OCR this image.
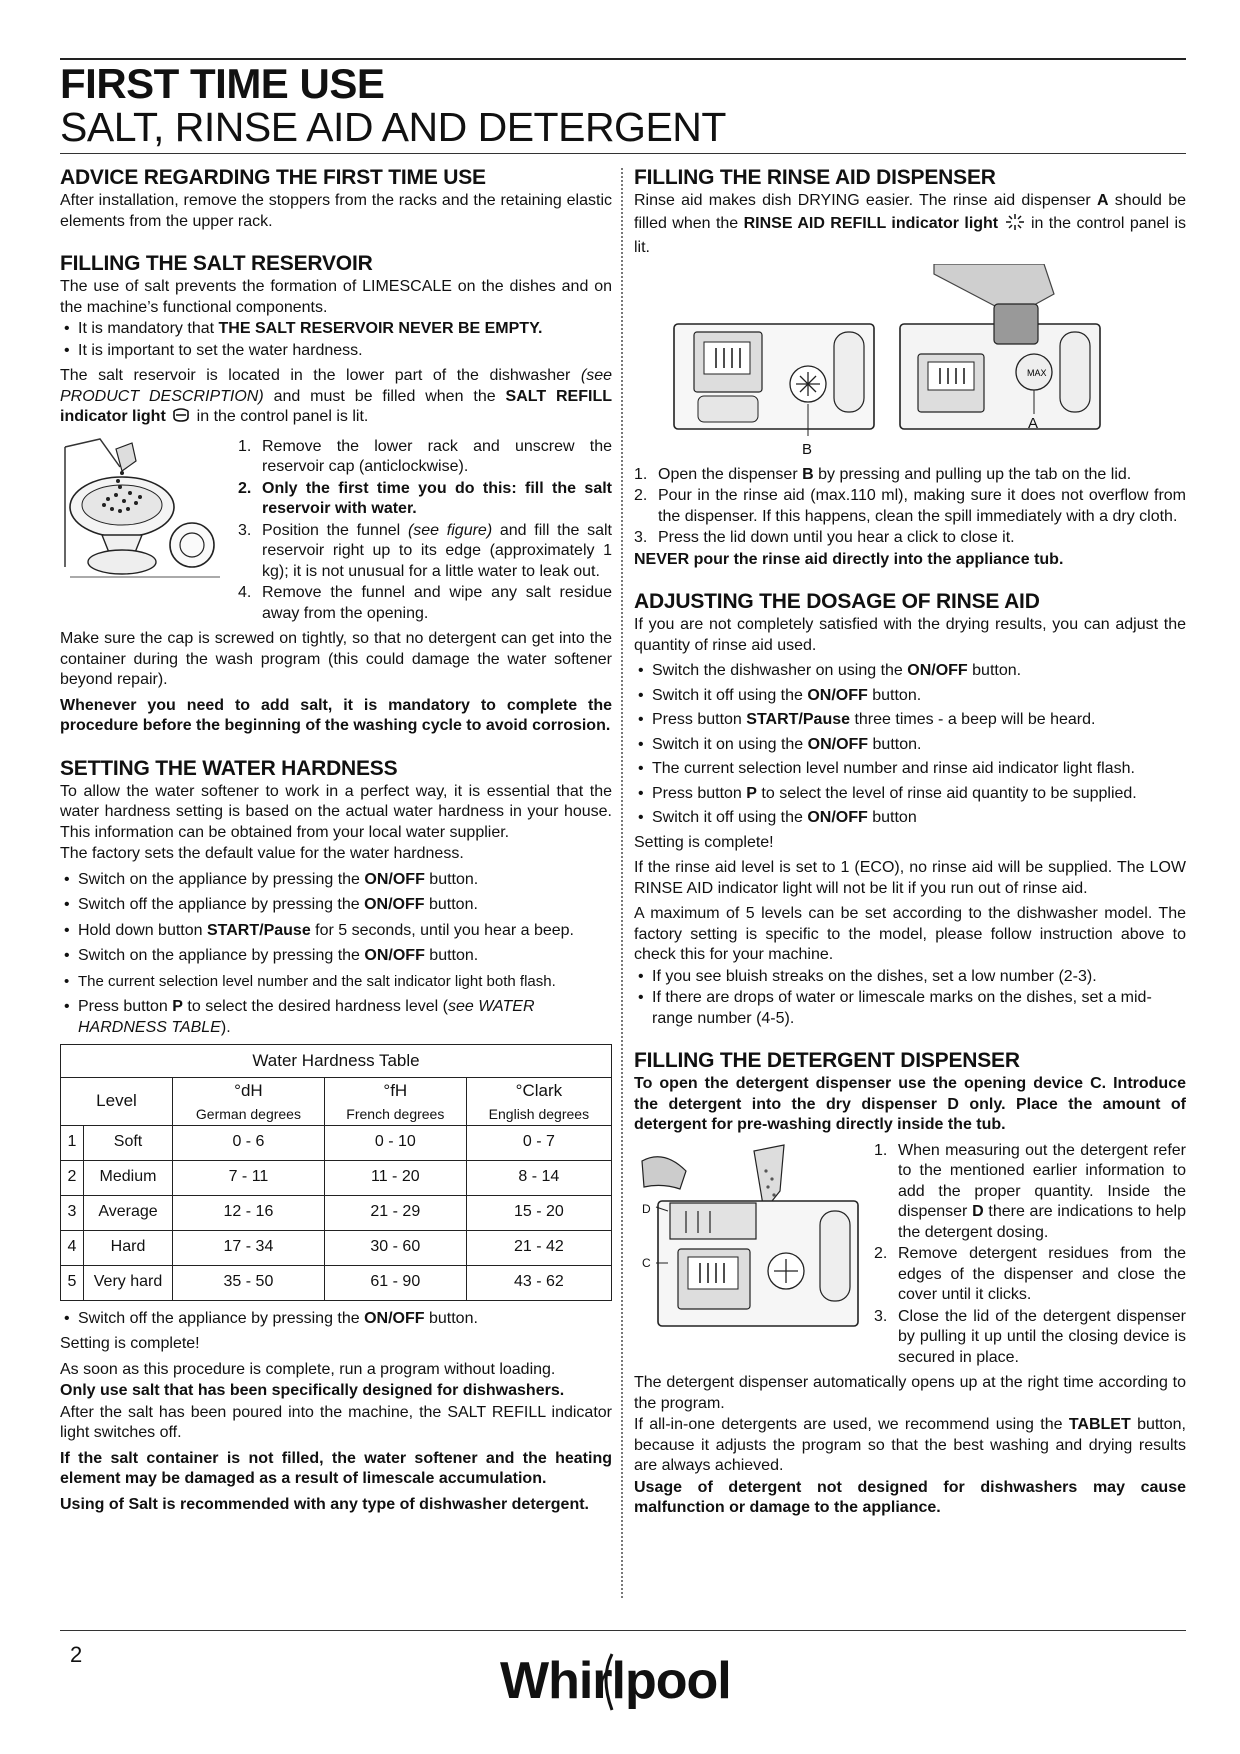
FIRST TIME USE
SALT, RINSE AID AND DETERGENT
ADVICE REGARDING THE FIRST TIME USE

After installation, remove the stoppers from the racks and the retaining elastic elements from the upper rack.

FILLING THE SALT RESERVOIR

The use of salt prevents the formation of LIMESCALE on the dishes and on the machine’s functional components.

• It is mandatory that THE SALT RESERVOIR NEVER BE EMPTY.
• It is important to set the water hardness.

The salt reservoir is located in the lower part of the dishwasher (see PRODUCT DESCRIPTION) and must be filled when the SALT REFILL indicator light  in the control panel is lit.

1. Remove the lower rack and unscrew the reservoir cap (anticlockwise).
2. Only the first time you do this: fill the salt reservoir with water.
3. Position the funnel (see figure) and fill the salt reservoir right up to its edge (approximately 1 kg); it is not unusual for a little water to leak out.
4. Remove the funnel and wipe any salt residue away from the opening.

Make sure the cap is screwed on tightly, so that no detergent can get into the container during the wash program (this could damage the water softener beyond repair).

Whenever you need to add salt, it is mandatory to complete the procedure before the beginning of the washing cycle to avoid corrosion.

SETTING THE WATER HARDNESS

To allow the water softener to work in a perfect way, it is essential that the water hardness setting is based on the actual water hardness in your house. This information can be obtained from your local water supplier.

The factory sets the default value for the water hardness.

• Switch on the appliance by pressing the ON/OFF button.
• Switch off the appliance by pressing the ON/OFF button.
• Hold down button START/Pause for 5 seconds, until you hear a beep.
• Switch on the appliance by pressing the ON/OFF button.
• The current selection level number and the salt indicator light both flash.
• Press button P to select the desired hardness level (see WATER HARDNESS TABLE).
Water Hardness Table				
Level		°dH	°fH	°Clark
		German degrees	French degrees	English degrees
1	Soft	0 - 6	0 - 10	0 - 7
2	Medium	7 - 11	11 - 20	8 - 14
3	Average	12 - 16	21 - 29	15 - 20
4	Hard	17 - 34	30 - 60	21 - 42
5	Very hard	35 - 50	61 - 90	43 - 62
• Switch off the appliance by pressing the ON/OFF button.

Setting is complete!

As soon as this procedure is complete, run a program without loading.

Only use salt that has been specifically designed for dishwashers.

After the salt has been poured into the machine, the SALT REFILL indicator light switches off.

If the salt container is not filled, the water softener and the heating element may be damaged as a result of limescale accumulation.

Using of Salt is recommended with any type of dishwasher detergent.

FILLING THE RINSE AID DISPENSER

Rinse aid makes dish DRYING easier. The rinse aid dispenser A should be filled when the RINSE AID REFILL indicator light  in the control panel is lit.

MAX
B
A
1. Open the dispenser B by pressing and pulling up the tab on the lid.
2. Pour in the rinse aid (max.110 ml), making sure it does not overflow from the dispenser. If this happens, clean the spill immediately with a dry cloth.
3. Press the lid down until you hear a click to close it.

NEVER pour the rinse aid directly into the appliance tub.

ADJUSTING THE DOSAGE OF RINSE AID

If you are not completely satisfied with the drying results, you can adjust the quantity of rinse aid used.

• Switch the dishwasher on using the ON/OFF button.
• Switch it off using the ON/OFF button.
• Press button START/Pause three times - a beep will be heard.
• Switch it on using the ON/OFF button.
• The current selection level number and rinse aid indicator light flash.
• Press button P to select the level of rinse aid quantity to be supplied.
• Switch it off using the ON/OFF button

Setting is complete!

If the rinse aid level is set to 1 (ECO), no rinse aid will be supplied. The LOW RINSE AID indicator light will not be lit if you run out of rinse aid.

A maximum of 5 levels can be set according to the dishwasher model. The factory setting is specific to the model, please follow instruction above to check this for your machine.

• If you see bluish streaks on the dishes, set a low number (2-3).
• If there are drops of water or limescale marks on the dishes, set a mid-range number (4-5).
FILLING THE DETERGENT DISPENSER

To open the detergent dispenser use the opening device C. Introduce the detergent into the dry dispenser D only. Place the amount of detergent for pre-washing directly inside the tub.

D
C
1. When measuring out the detergent refer to the mentioned earlier information to add the proper quantity. Inside the dispenser D there are indications to help the detergent dosing.
2. Remove detergent residues from the edges of the dispenser and close the cover until it clicks.
3. Close the lid of the detergent dispenser by pulling it up until the closing device is secured in place.

The detergent dispenser automatically opens up at the right time according to the program.

If all-in-one detergents are used, we recommend using the TABLET button, because it adjusts the program so that the best washing and drying results are always achieved.

Usage of detergent not designed for dishwashers may cause malfunction or damage to the appliance.

2	Whirlpool
